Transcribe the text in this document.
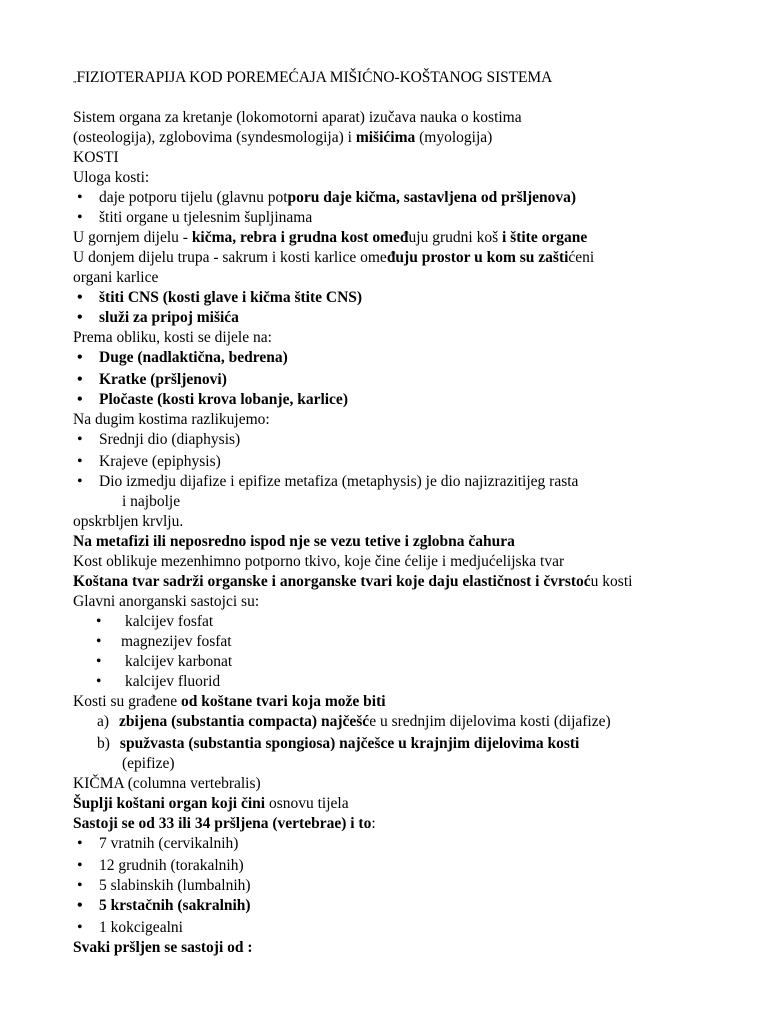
„FIZIOTERAPIJA KOD POREMEĆAJA MIŠIĆNO-KOŠTANOG SISTEMA
Sistem organa za kretanje (lokomotorni aparat) izučava nauka o kostima
(osteologija), zglobovima (syndesmologija) i mišićima (myologija)
KOSTI
Uloga kosti:
• daje potporu tijelu (glavnu potporu daje kičma, sastavljena od pršljenova)
• štiti organe u tjelesnim šupljinama
U gornjem dijelu - kičma, rebra i grudna kost omeđuju grudni koš i štite organe
U donjem dijelu trupa - sakrum i kosti karlice omeđuju prostor u kom su zaštićeni
organi karlice
• štiti CNS (kosti glave i kičma štite CNS)
• služi za pripoj mišića
Prema obliku, kosti se dijele na:
• Duge (nadlaktična, bedrena)
• Kratke (pršljenovi)
• Pločaste (kosti krova lobanje, karlice)
Na dugim kostima razlikujemo:
• Srednji dio (diaphysis)
• Krajeve (epiphysis)
• Dio izmedju dijafize i epifize metafiza (metaphysis) je dio najizrazitijeg rasta
i najbolje
opskrbljen krvlju.
Na metafizi ili neposredno ispod nje se vezu tetive i zglobna čahura
Kost oblikuje mezenhimno potporno tkivo, koje čine ćelije i medjućelijska tvar
Koštana tvar sadrži organske i anorganske tvari koje daju elastičnost i čvrstoću kosti
Glavni anorganski sastojci su:
•	kalcijev fosfat
•	magnezijev fosfat
•	kalcijev karbonat
•	kalcijev fluorid
Kosti su građene od koštane tvari koja može biti
a) zbijena (substantia compacta) najčešće u srednjim dijelovima kosti (dijafize)
b) spužvasta (substantia spongiosa) najčešce u krajnjim dijelovima kosti
(epifize)
KIČMA (columna vertebralis)
Šuplji koštani organ koji čini osnovu tijela
Sastoji se od 33 ili 34 pršljena (vertebrae) i to:
• 7 vratnih (cervikalnih)
• 12 grudnih (torakalnih)
• 5 slabinskih (lumbalnih)
• 5 krstačnih (sakralnih)
• 1 kokcigealni
Svaki pršljen se sastoji od :
